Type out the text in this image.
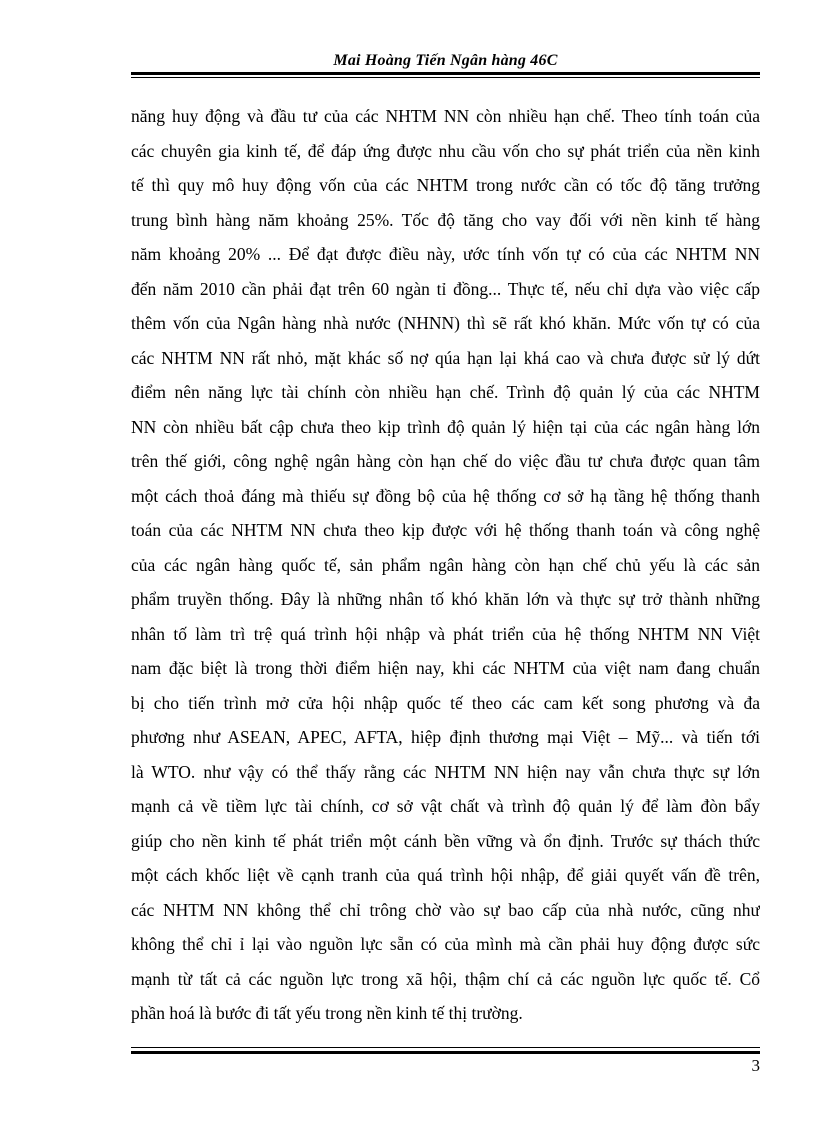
Mai Hoàng Tiến Ngân hàng 46C
năng huy động và đầu tư của các NHTM NN còn nhiều hạn chế. Theo tính toán của
các chuyên gia kinh tế, để đáp ứng được nhu cầu vốn cho sự phát triển của nền kinh
tế thì quy mô huy động vốn của các NHTM trong nước cần có tốc độ tăng trưởng
trung bình hàng năm khoảng 25%. Tốc độ tăng cho vay đối với nền kinh tế hàng
năm khoảng 20% ... Để đạt được điều này, ước tính vốn tự có của các NHTM NN
đến năm 2010 cần phải đạt trên 60 ngàn tỉ đồng... Thực tế, nếu chỉ dựa vào việc cấp
thêm vốn của Ngân hàng nhà nước (NHNN) thì sẽ rất khó khăn. Mức vốn tự có của
các NHTM NN rất nhỏ, mặt khác số nợ qúa hạn lại khá cao và chưa được sử lý dứt
điểm nên năng lực tài chính còn nhiều hạn chế. Trình độ quản lý của các NHTM
NN còn nhiều bất cập chưa theo kịp trình độ quản lý hiện tại của các ngân hàng lớn
trên thế giới, công nghệ ngân hàng còn hạn chế do việc đầu tư chưa được quan tâm
một cách thoả đáng mà thiếu sự đồng bộ của hệ thống cơ sở hạ tầng hệ thống thanh
toán của các NHTM NN chưa theo kịp được với hệ thống thanh toán và công nghệ
của các ngân hàng quốc tế, sản phẩm ngân hàng còn hạn chế chủ yếu là các sản
phẩm truyền thống. Đây là những nhân tố khó khăn lớn và thực sự trở thành những
nhân tố làm trì trệ quá trình hội nhập và phát triển của hệ thống NHTM NN Việt
nam đặc biệt là trong thời điểm hiện nay, khi các NHTM của việt nam đang chuẩn
bị cho tiến trình mở cửa hội nhập quốc tế theo các cam kết song phương và đa
phương như ASEAN, APEC, AFTA, hiệp định thương mại Việt – Mỹ... và tiến tới
là WTO. như vậy có thể thấy rằng các NHTM NN hiện nay vẫn chưa thực sự lớn
mạnh cả về tiềm lực tài chính, cơ sở vật chất và trình độ quản lý để làm đòn bẩy
giúp cho nền kinh tế phát triển một cánh bền vững và ổn định. Trước sự thách thức
một cách khốc liệt về cạnh tranh của quá trình hội nhập, để giải quyết vấn đề trên,
các NHTM NN không thể chỉ trông chờ vào sự bao cấp của nhà nước, cũng như
không thể chỉ ỉ lại vào nguồn lực sẵn có của mình mà cần phải huy động được sức
mạnh từ tất cả các nguồn lực trong xã hội, thậm chí cả các nguồn lực quốc tế. Cổ
phần hoá là bước đi tất yếu trong nền kinh tế thị trường.
3
